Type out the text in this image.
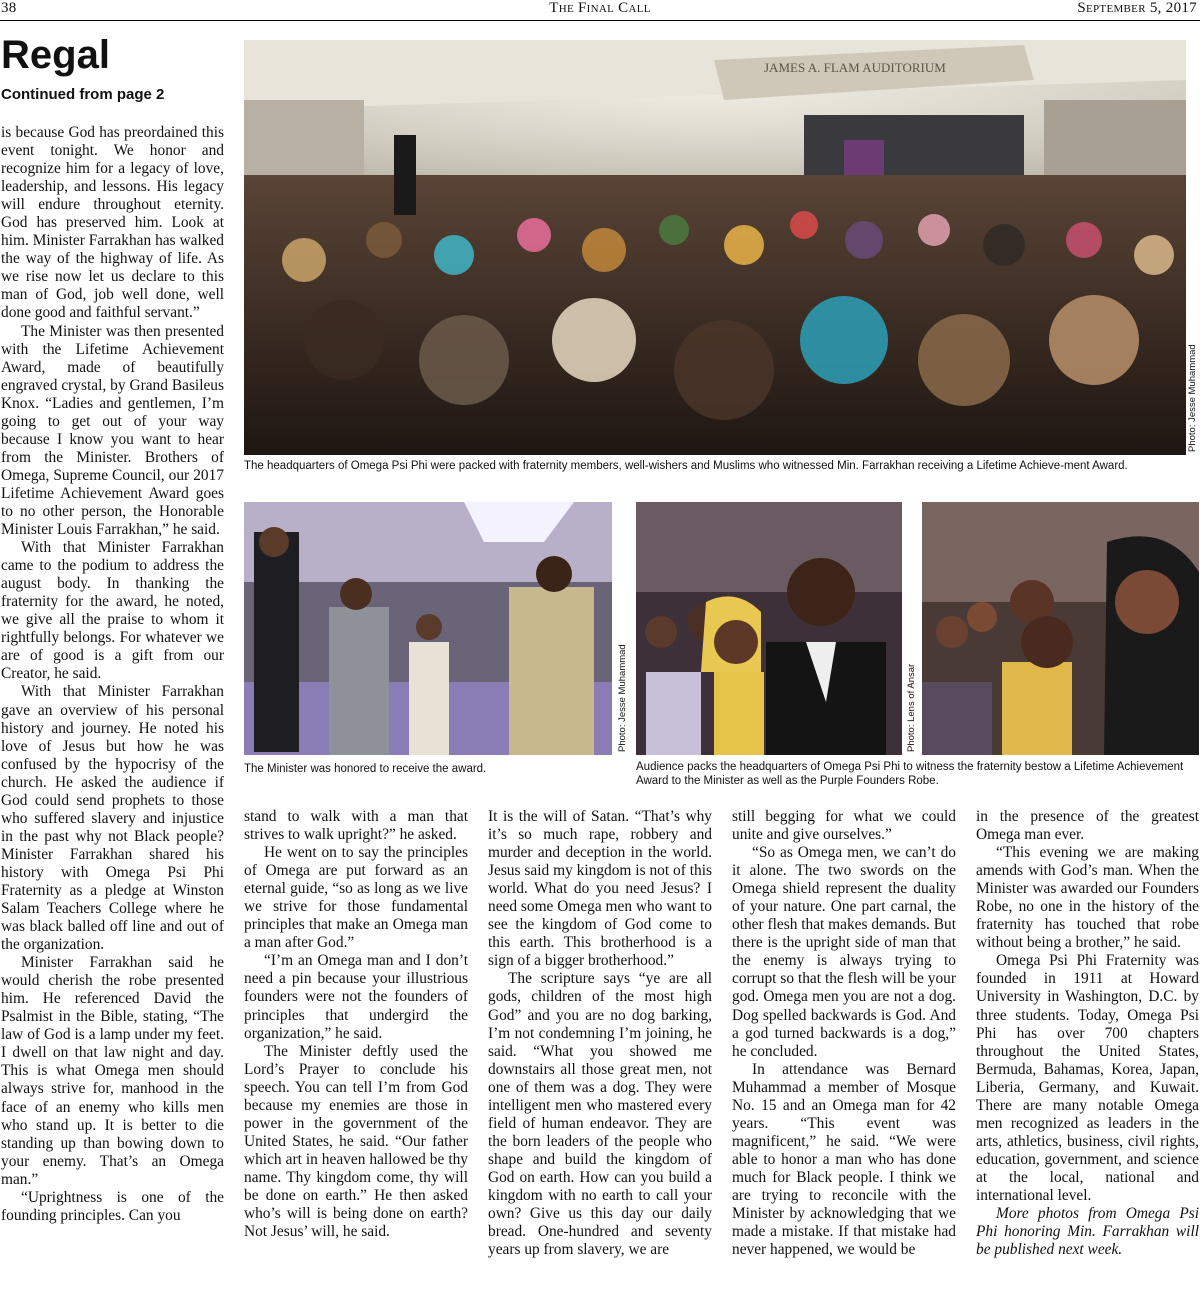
38	The Final Call	September 5, 2017
Regal
Continued from page 2

is because God has preordained this event tonight. We honor and recognize him for a legacy of love, leadership, and lessons. His legacy will endure throughout eternity. God has preserved him. Look at him. Minister Farrakhan has walked the way of the highway of life. As we rise now let us declare to this man of God, job well done, well done good and faithful servant.”

The Minister was then presented with the Lifetime Achievement Award, made of beautifully engraved crystal, by Grand Basileus Knox. “Ladies and gentlemen, I’m going to get out of your way because I know you want to hear from the Minister. Brothers of Omega, Supreme Council, our 2017 Lifetime Achievement Award goes to no other person, the Honorable Minister Louis Farrakhan,” he said.

With that Minister Farrakhan came to the podium to address the august body. In thanking the fraternity for the award, he noted, we give all the praise to whom it rightfully belongs. For whatever we are of good is a gift from our Creator, he said.

With that Minister Farrakhan gave an overview of his personal history and journey. He noted his love of Jesus but how he was confused by the hypocrisy of the church. He asked the audience if God could send prophets to those who suffered slavery and injustice in the past why not Black people? Minister Farrakhan shared his history with Omega Psi Phi Fraternity as a pledge at Winston Salam Teachers College where he was black balled off line and out of the organization.

Minister Farrakhan said he would cherish the robe presented him. He referenced David the Psalmist in the Bible, stating, “The law of God is a lamp under my feet. I dwell on that law night and day. This is what Omega men should always strive for, manhood in the face of an enemy who kills men who stand up. It is better to die standing up than bowing down to your enemy. That’s an Omega man.”

“Uprightness is one of the founding principles. Can you

JAMES A. FLAM AUDITORIUM
Photo: Jesse Muhammad
The headquarters of Omega Psi Phi were packed with fraternity members, well-wishers and Muslims who witnessed Min. Farrakhan receiving a Lifetime Achieve-ment Award.
Photo: Jesse Muhammad
The Minister was honored to receive the award.
Photo: Lens of Ansar
Audience packs the headquarters of Omega Psi Phi to witness the fraternity bestow a Lifetime Achievement Award to the Minister as well as the Purple Founders Robe.

stand to walk with a man that strives to walk upright?” he asked.

He went on to say the principles of Omega are put forward as an eternal guide, “so as long as we live we strive for those fundamental principles that make an Omega man a man after God.”

“I’m an Omega man and I don’t need a pin because your illustrious founders were not the founders of principles that undergird the organization,” he said.

The Minister deftly used the Lord’s Prayer to conclude his speech. You can tell I’m from God because my enemies are those in power in the government of the United States, he said. “Our father which art in heaven hallowed be thy name. Thy kingdom come, thy will be done on earth.” He then asked who’s will is being done on earth? Not Jesus’ will, he said.

It is the will of Satan. “That’s why it’s so much rape, robbery and murder and deception in the world. Jesus said my kingdom is not of this world. What do you need Jesus? I need some Omega men who want to see the kingdom of God come to this earth. This brotherhood is a sign of a bigger brotherhood.”

The scripture says “ye are all gods, children of the most high God” and you are no dog barking, I’m not condemning I’m joining, he said. “What you showed me downstairs all those great men, not one of them was a dog. They were intelligent men who mastered every field of human endeavor. They are the born leaders of the people who shape and build the kingdom of God on earth. How can you build a kingdom with no earth to call your own? Give us this day our daily bread. One-hundred and seventy years up from slavery, we are

still begging for what we could unite and give ourselves.”

“So as Omega men, we can’t do it alone. The two swords on the Omega shield represent the duality of your nature. One part carnal, the other flesh that makes demands. But there is the upright side of man that the enemy is always trying to corrupt so that the flesh will be your god. Omega men you are not a dog. Dog spelled backwards is God. And a god turned backwards is a dog,” he concluded.

In attendance was Bernard Muhammad a member of Mosque No. 15 and an Omega man for 42 years. “This event was magnificent,” he said. “We were able to honor a man who has done much for Black people. I think we are trying to reconcile with the Minister by acknowledging that we made a mistake. If that mistake had never happened, we would be

in the presence of the greatest Omega man ever.

“This evening we are making amends with God’s man. When the Minister was awarded our Founders Robe, no one in the history of the fraternity has touched that robe without being a brother,” he said.

Omega Psi Phi Fraternity was founded in 1911 at Howard University in Washington, D.C. by three students. Today, Omega Psi Phi has over 700 chapters throughout the United States, Bermuda, Bahamas, Korea, Japan, Liberia, Germany, and Kuwait. There are many notable Omega men recognized as leaders in the arts, athletics, business, civil rights, education, government, and science at the local, national and international level.

More photos from Omega Psi Phi honoring Min. Farrakhan will be published next week.
